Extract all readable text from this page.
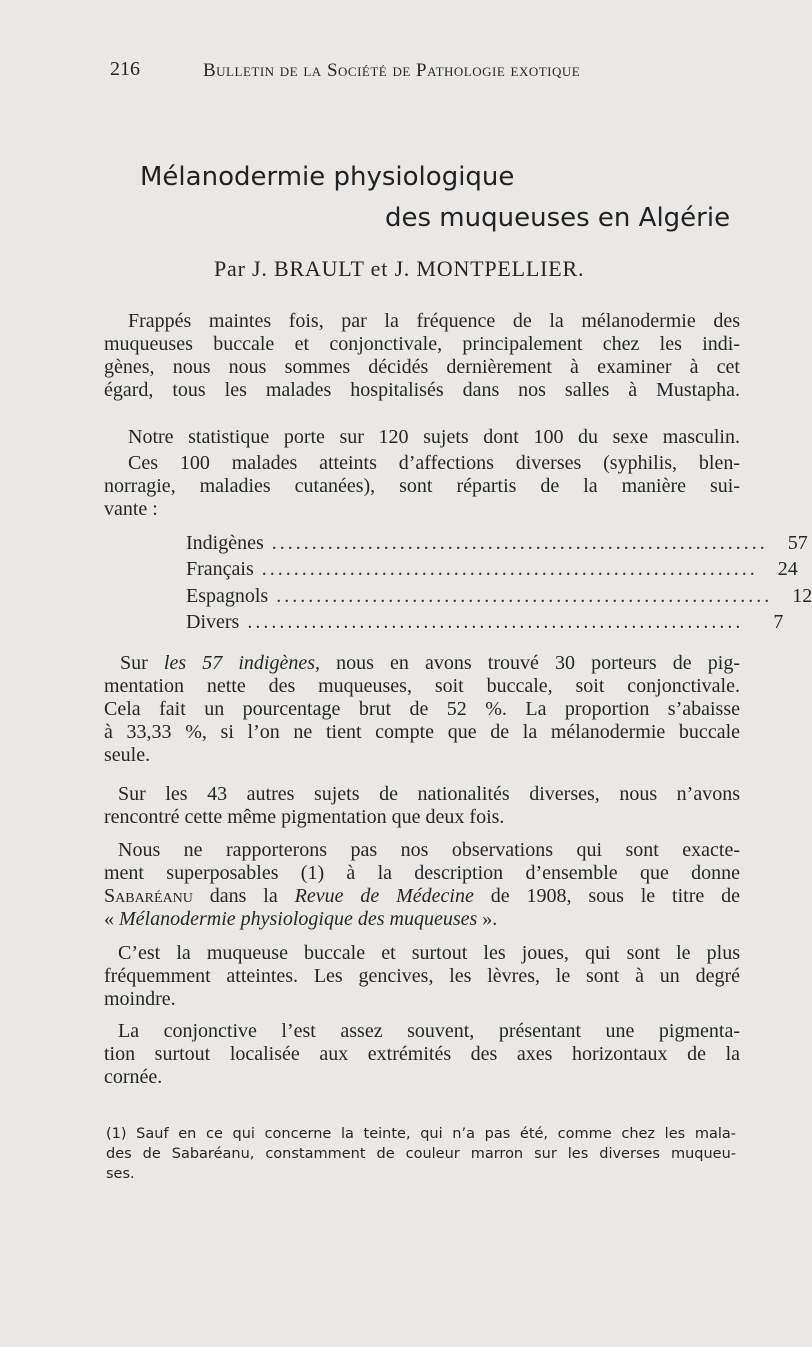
216	Bulletin de la Société de Pathologie exotique
Mélanodermie physiologique
des muqueuses en Algérie
Par J. BRAULT et J. MONTPELLIER.
Frappés maintes fois, par la fréquence de la mélanodermie des
muqueuses buccale et conjonctivale, principalement chez les indi-
gènes, nous nous sommes décidés dernièrement à examiner à cet
égard, tous les malades hospitalisés dans nos salles à Mustapha.
Notre statistique porte sur 120 sujets dont 100 du sexe masculin.
Ces 100 malades atteints d’affections diverses (syphilis, blen-
norragie, maladies cutanées), sont répartis de la manière sui-
vante :
Indigènes ..............................................................	57
Français ..............................................................	24
Espagnols ..............................................................	12
Divers ..............................................................	7
Sur les 57 indigènes, nous en avons trouvé 30 porteurs de pig-
mentation nette des muqueuses, soit buccale, soit conjonctivale.
Cela fait un pourcentage brut de 52 %. La proportion s’abaisse
à 33,33 %, si l’on ne tient compte que de la mélanodermie buccale
seule.
Sur les 43 autres sujets de nationalités diverses, nous n’avons
rencontré cette même pigmentation que deux fois.
Nous ne rapporterons pas nos observations qui sont exacte-
ment superposables (1) à la description d’ensemble que donne
Sabaréanu dans la Revue de Médecine de 1908, sous le titre de
« Mélanodermie physiologique des muqueuses ».
C’est la muqueuse buccale et surtout les joues, qui sont le plus
fréquemment atteintes. Les gencives, les lèvres, le sont à un degré
moindre.
La conjonctive l’est assez souvent, présentant une pigmenta-
tion surtout localisée aux extrémités des axes horizontaux de la
cornée.
(1) Sauf en ce qui concerne la teinte, qui n’a pas été, comme chez les mala-
des de Sabaréanu, constamment de couleur marron sur les diverses muqueu-
ses.
